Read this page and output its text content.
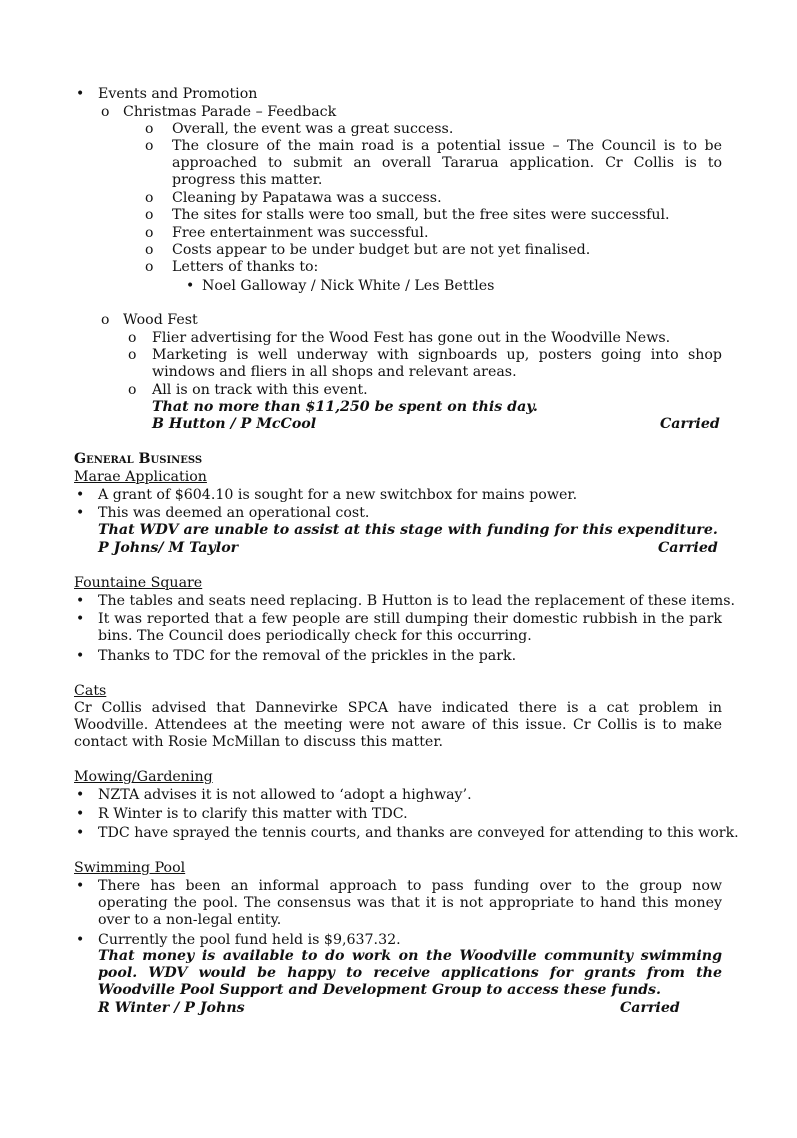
• Events and Promotion
o Christmas Parade – Feedback
o Overall, the event was a great success.
o The closure of the main road is a potential issue – The Council is to be approached to submit an overall Tararua application. Cr Collis is to progress this matter.
o Cleaning by Papatawa was a success.
o The sites for stalls were too small, but the free sites were successful.
o Free entertainment was successful.
o Costs appear to be under budget but are not yet finalised.
o Letters of thanks to:
• Noel Galloway / Nick White / Les Bettles
o Wood Fest
o Flier advertising for the Wood Fest has gone out in the Woodville News.
o Marketing is well underway with signboards up, posters going into shop windows and fliers in all shops and relevant areas.
o All is on track with this event.
That no more than $11,250 be spent on this day.
B Hutton / P McCool	Carried
General Business
Marae Application
• A grant of $604.10 is sought for a new switchbox for mains power.
• This was deemed an operational cost.
That WDV are unable to assist at this stage with funding for this expenditure.
P Johns/ M Taylor	Carried
Fountaine Square
• The tables and seats need replacing. B Hutton is to lead the replacement of these items.
• It was reported that a few people are still dumping their domestic rubbish in the park bins. The Council does periodically check for this occurring.
• Thanks to TDC for the removal of the prickles in the park.
Cats
Cr Collis advised that Dannevirke SPCA have indicated there is a cat problem in Woodville. Attendees at the meeting were not aware of this issue. Cr Collis is to make contact with Rosie McMillan to discuss this matter.
Mowing/Gardening
• NZTA advises it is not allowed to ‘adopt a highway’.
• R Winter is to clarify this matter with TDC.
• TDC have sprayed the tennis courts, and thanks are conveyed for attending to this work.
Swimming Pool
• There has been an informal approach to pass funding over to the group now operating the pool. The consensus was that it is not appropriate to hand this money over to a non-legal entity.
• Currently the pool fund held is $9,637.32.
That money is available to do work on the Woodville community swimming pool. WDV would be happy to receive applications for grants from the Woodville Pool Support and Development Group to access these funds.
R Winter / P Johns	Carried
